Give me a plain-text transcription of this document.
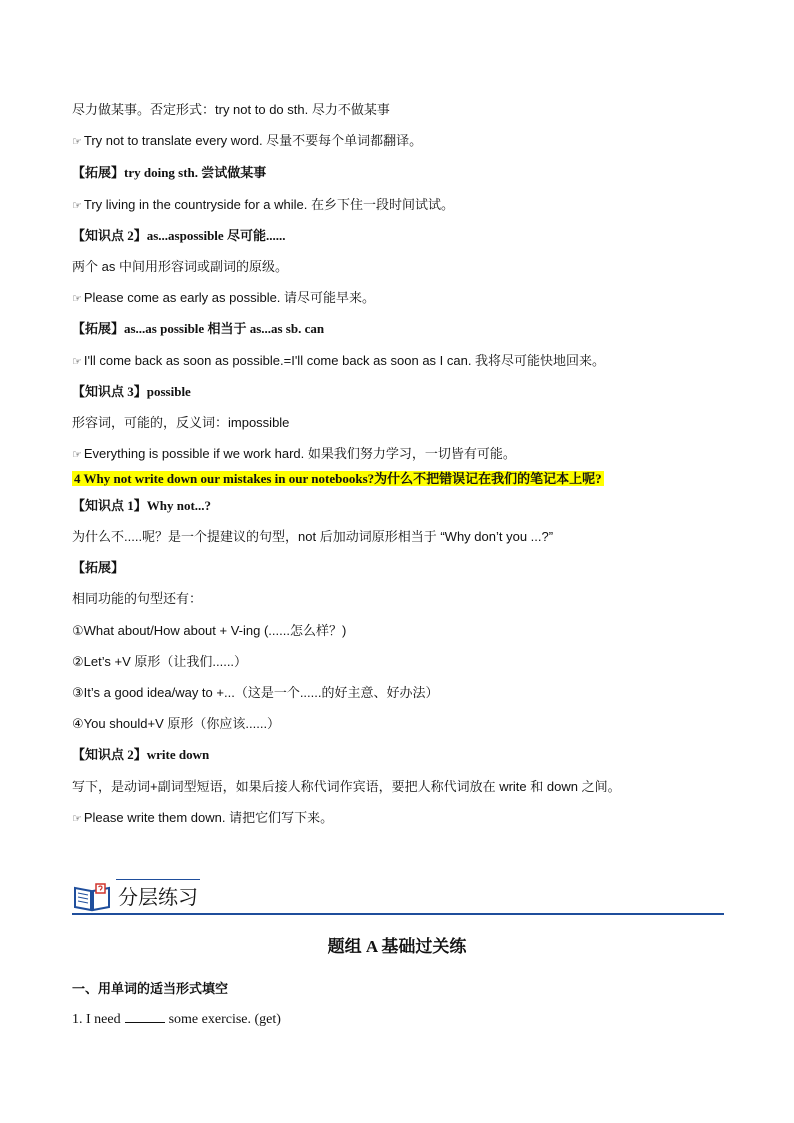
尽力做某事。否定形式：try not to do sth. 尽力不做某事
☞ Try not to translate every word. 尽量不要每个单词都翻译。
【拓展】try doing sth. 尝试做某事
☞ Try living in the countryside for a while. 在乡下住一段时间试试。
【知识点 2】as...aspossible 尽可能......
两个 as 中间用形容词或副词的原级。
☞ Please come as early as possible. 请尽可能早来。
【拓展】as...as possible 相当于 as...as sb. can
☞ I'll come back as soon as possible.=I'll come back as soon as I can. 我将尽可能快地回来。
【知识点 3】possible
形容词，可能的，反义词：impossible
☞ Everything is possible if we work hard. 如果我们努力学习，一切皆有可能。
4 Why not write down our mistakes in our notebooks?为什么不把错误记在我们的笔记本上呢?
【知识点 1】Why not...?
为什么不.....呢？是一个提建议的句型，not 后加动词原形相当于 “Why don’t you ...?”
【拓展】
相同功能的句型还有：
①What about/How about + V-ing (......怎么样？)
②Let’s +V 原形（让我们......）
③It’s a good idea/way to +...（这是一个......的好主意、好办法）
④You should+V 原形（你应该......）
【知识点 2】write down
写下，是动词+副词型短语，如果后接人称代词作宾语，要把人称代词放在 write 和 down 之间。
☞ Please write them down. 请把它们写下来。
分层练习
题组 A 基础过关练
一、用单词的适当形式填空
1. I need	some exercise. (get)
